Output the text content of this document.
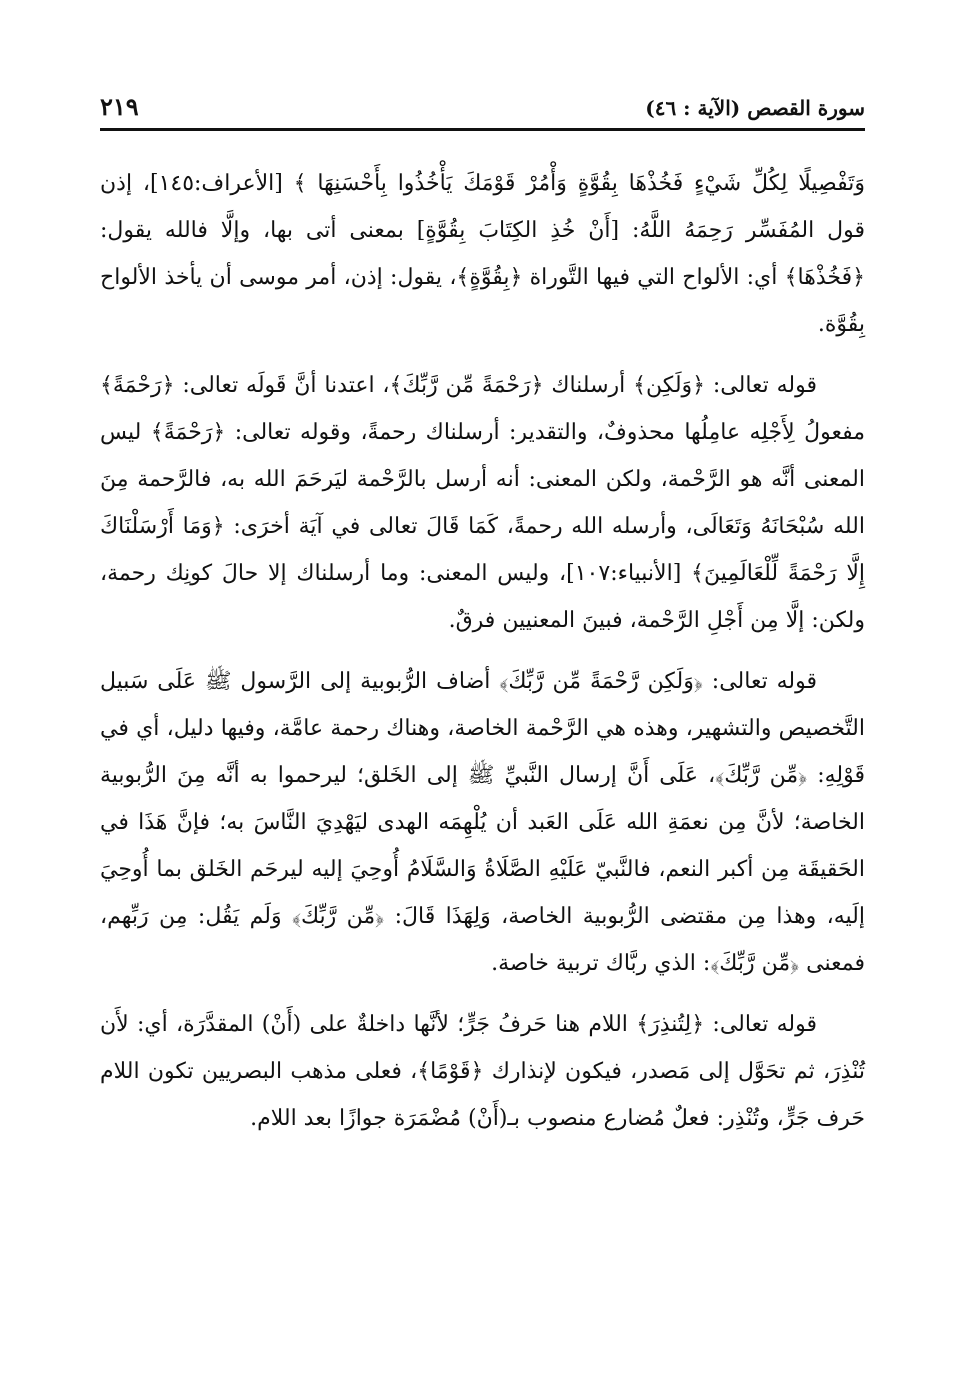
سورة القصص (الآية : ٤٦)
٢١٩

وَتَفْصِيلًا لِكُلِّ شَيْءٍ فَخُذْهَا بِقُوَّةٍ وَأْمُرْ قَوْمَكَ يَأْخُذُوا بِأَحْسَنِهَا ﴾ [الأعراف:١٤٥]، إذن قول المُفَسِّر رَحِمَهُ اللَّهُ: [أَنْ خُذِ الكِتَابَ بِقُوَّةٍ] بمعنى أتى بها، وإلَّا فالله يقول: ﴿فَخُذْهَا﴾ أي: الألواح التي فيها التَّوراة ﴿بِقُوَّةٍ﴾، يقول: إذن، أمر موسى أن يأخذ الألواح بِقُوَّة.

قوله تعالى: ﴿وَلَكِن﴾ أرسلناك ﴿رَحْمَةً مِّن رَّبِّكَ﴾، اعتدنا أنَّ قَولَه تعالى: ﴿رَحْمَةً﴾ مفعولُ لِأَجْلِه عامِلُها محذوفٌ، والتقدير: أرسلناك رحمةً، وقوله تعالى: ﴿رَحْمَةً﴾ ليس المعنى أنَّه هو الرَّحْمة، ولكن المعنى: أنه أرسل بالرَّحْمة ليَرحَمَ الله به، فالرَّحمة مِنَ الله سُبْحَانَهُ وَتَعَالَى، وأرسله الله رحمةً، كَمَا قَالَ تعالى في آيَة أخرَى: ﴿وَمَا أَرْسَلْنَاكَ إِلَّا رَحْمَةً لِّلْعَالَمِينَ﴾ [الأنبياء:١٠٧]، وليس المعنى: وما أرسلناك إلا حالَ كونِك رحمة، ولكن: إلَّا مِن أَجْلِ الرَّحْمة، فبينَ المعنيين فرقٌ.

قوله تعالى: ﴿وَلَكِن رَّحْمَةً مِّن رَّبِّكَ﴾ أضاف الرُّبوبية إلى الرَّسول ﷺ عَلَى سَبيل التَّخصيص والتشهير، وهذه هي الرَّحْمة الخاصة، وهناك رحمة عامَّة، وفيها دليل، أي في قَوْلِهِ: ﴿مِّن رَّبِّكَ﴾، عَلَى أَنَّ إرسال النَّبيِّ ﷺ إلى الخَلق؛ ليرحموا به أنَّه مِنَ الرُّبوبية الخاصة؛ لأنَّ مِن نعمَةِ الله عَلَى العَبد أن يُلْهِمَه الهدى ليَهْدِيَ النَّاسَ به؛ فإنَّ هَذَا في الحَقيقَة مِن أكبر النعم، فالنَّبيّ عَلَيْهِ الصَّلَاةُ وَالسَّلَامُ أُوحِيَ إليه ليرحَم الخَلق بما أُوحِيَ إلَيه، وهذا مِن مقتضى الرُّبوبية الخاصة، وَلِهَذَا قَالَ: ﴿مِّن رَّبِّكَ﴾ وَلَم يَقُل: مِن رَبِّهم، فمعنى ﴿مِّن رَّبِّكَ﴾: الذي ربَّاك تربية خاصة.

قوله تعالى: ﴿لِتُنذِرَ﴾ اللام هنا حَرفُ جَرٍّ؛ لأنَّها داخلةٌ على (أَنْ) المقدَّرَة، أي: لأَن تُنْذِرَ، ثم تحَوَّل إلى مَصدر، فيكون لإنذارك ﴿قَوْمًا﴾، فعلى مذهب البصريين تكون اللام حَرف جَرٍّ، وتُنْذِر: فعلٌ مُضارع منصوب بـ(أَنْ) مُضْمَرَة جوازًا بعد اللام.
